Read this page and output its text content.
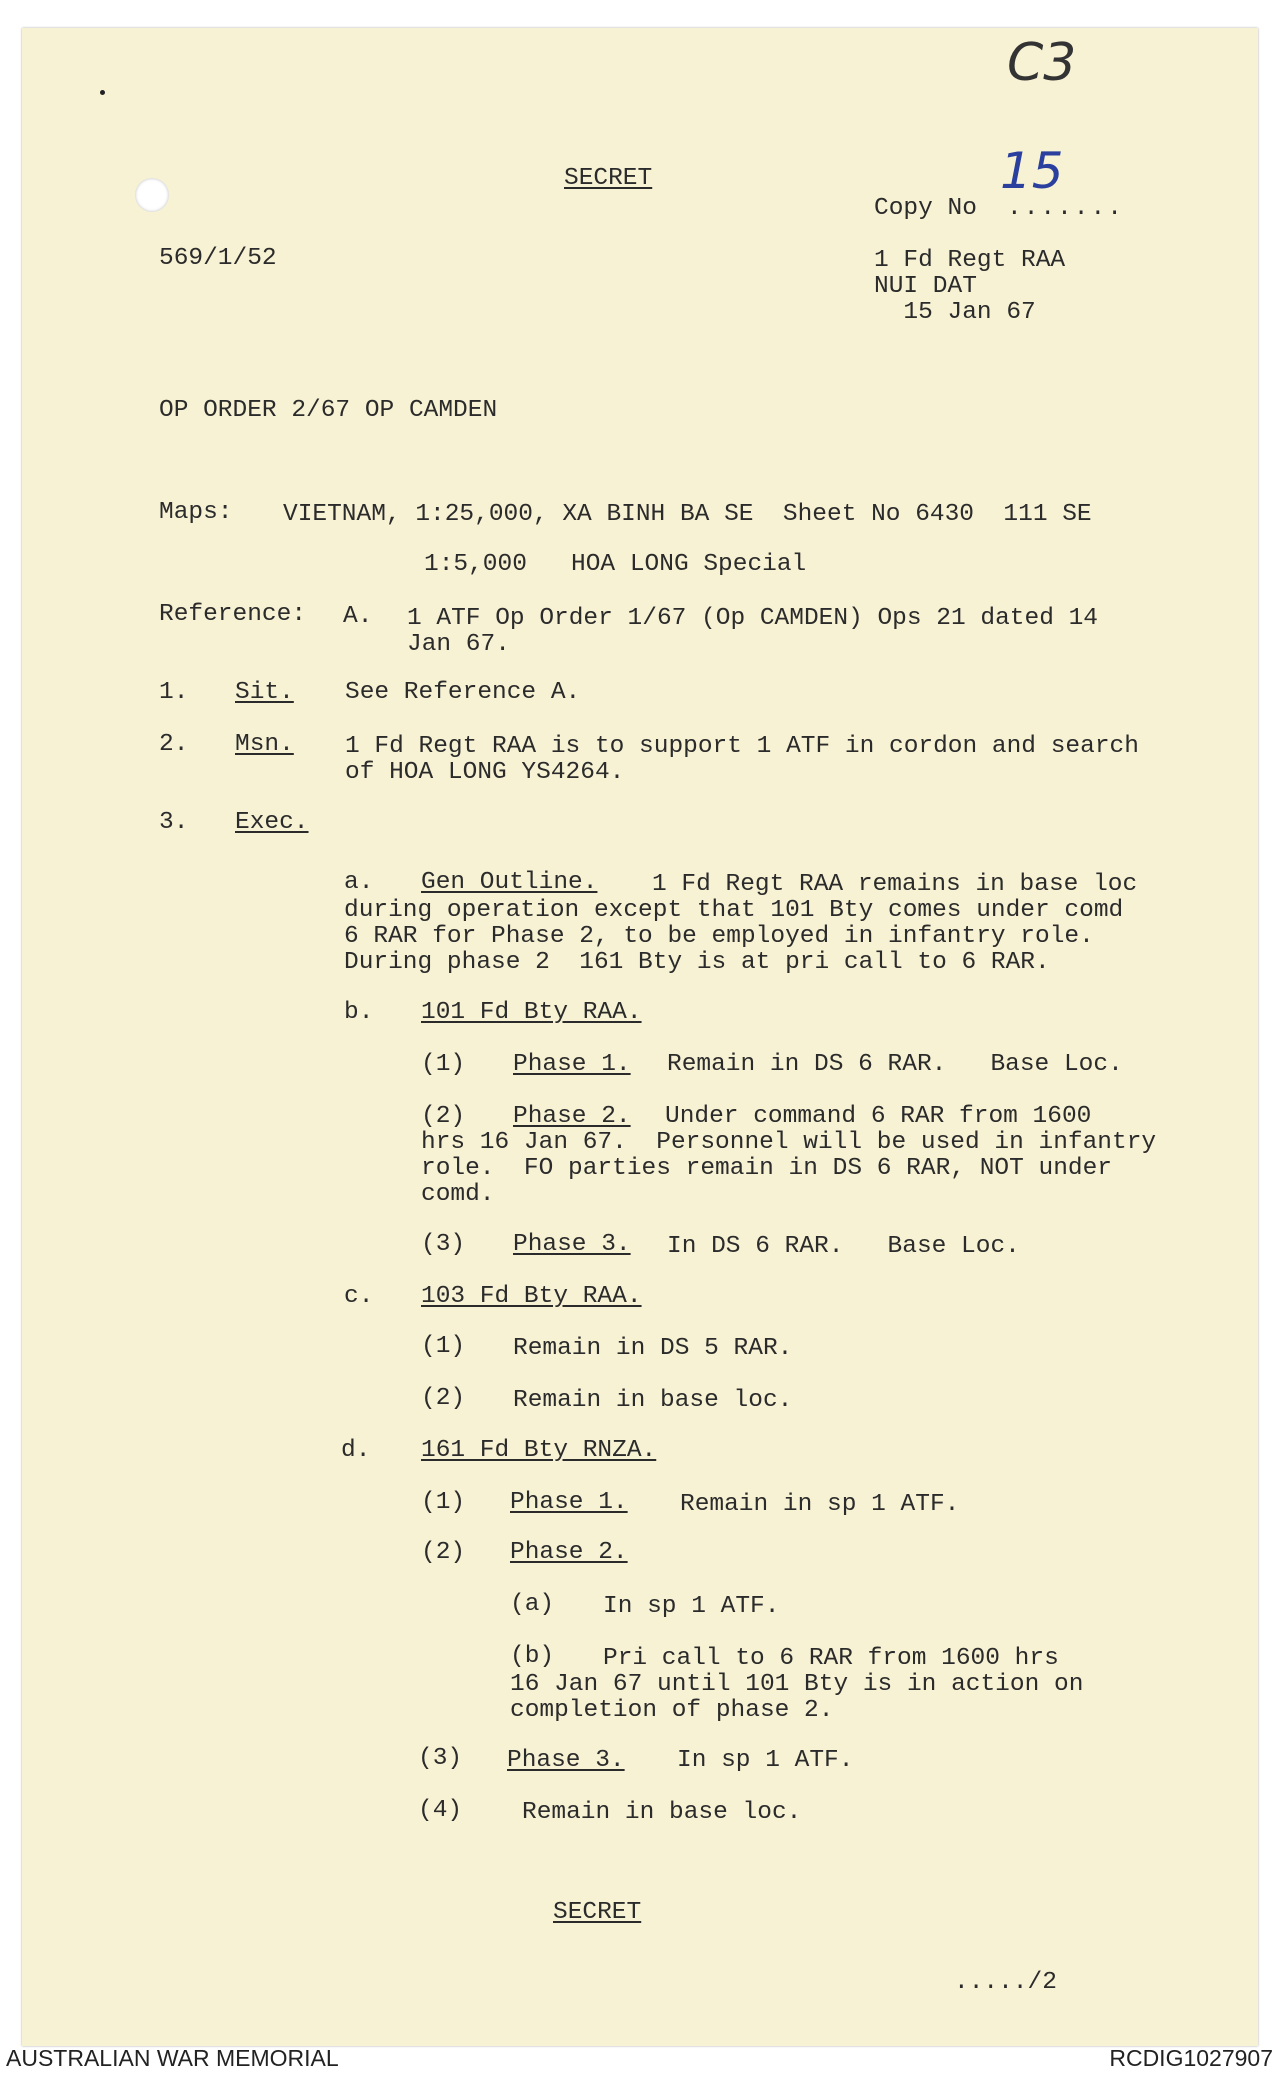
C3
SECRET
Copy No
15
.......
569/1/52	1 Fd Regt RAA
NUI DAT
15 Jan 67
OP ORDER 2/67 OP CAMDEN
Maps: VIETNAM, 1:25,000, XA BINH BA SE  Sheet No 6430  111 SE
1:5,000   HOA LONG Special
Reference: A. 1 ATF Op Order 1/67 (Op CAMDEN) Ops 21 dated 14
Jan 67.
1. Sit. See Reference A.
2. Msn. 1 Fd Regt RAA is to support 1 ATF in cordon and search
of HOA LONG YS4264.
3. Exec.
a. Gen Outline. 1 Fd Regt RAA remains in base loc
during operation except that 101 Bty comes under comd
6 RAR for Phase 2, to be employed in infantry role.
During phase 2  161 Bty is at pri call to 6 RAR.
b. 101 Fd Bty RAA.
(1) Phase 1. Remain in DS 6 RAR.   Base Loc.
(2) Phase 2. Under command 6 RAR from 1600
hrs 16 Jan 67.  Personnel will be used in infantry
role.  FO parties remain in DS 6 RAR, NOT under
comd.
(3) Phase 3. In DS 6 RAR.   Base Loc.
c. 103 Fd Bty RAA.
(1) Remain in DS 5 RAR.
(2) Remain in base loc.
d. 161 Fd Bty RNZA.
(1) Phase 1. Remain in sp 1 ATF.
(2) Phase 2.
(a) In sp 1 ATF.
(b) Pri call to 6 RAR from 1600 hrs
16 Jan 67 until 101 Bty is in action on
completion of phase 2.
(3) Phase 3. In sp 1 ATF.
(4) Remain in base loc.
SECRET
...../2
AUSTRALIAN WAR MEMORIAL	RCDIG1027907
